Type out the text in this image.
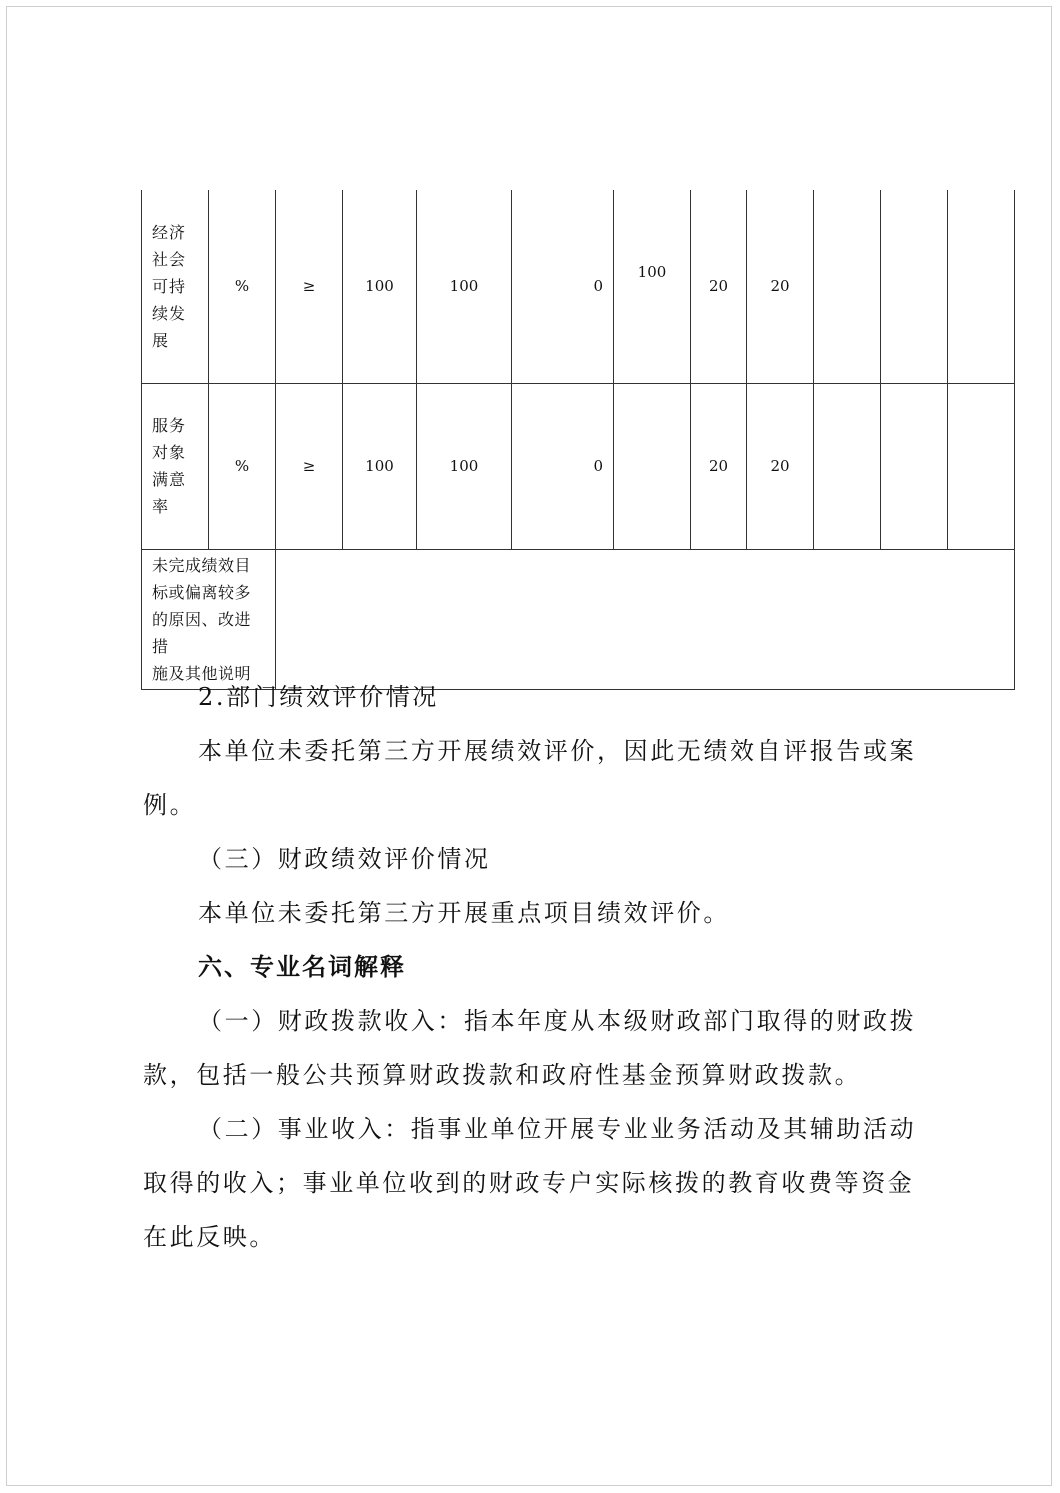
经济
社会
可持
续发
展	%	≥	100	100	0	100	20	20			

服务
对象
满意
率	%	≥	100	100	0		20	20			

未完成绩效目
标或偏离较多
的原因、改进措
施及其他说明											

2.部门绩效评价情况

本单位未委托第三方开展绩效评价，因此无绩效自评报告或案例。

（三）财政绩效评价情况

本单位未委托第三方开展重点项目绩效评价。

六、专业名词解释

（一）财政拨款收入：指本年度从本级财政部门取得的财政拨款，包括一般公共预算财政拨款和政府性基金预算财政拨款。

（二）事业收入：指事业单位开展专业业务活动及其辅助活动取得的收入；事业单位收到的财政专户实际核拨的教育收费等资金在此反映。
